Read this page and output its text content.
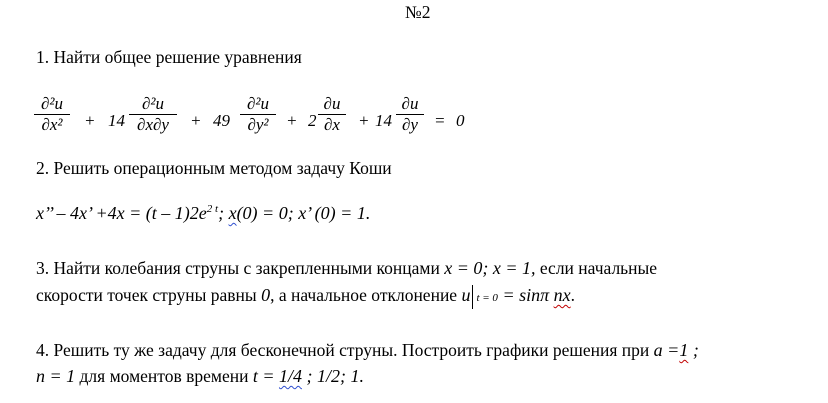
№2
1. Найти общее решение уравнения
∂²u
∂x²	+ 14
∂²u
∂x∂y	+ 49
∂²u
∂y²	+ 2
∂u
∂x	+ 14
∂u
∂y = 0
2. Решить операционным методом задачу Коши
x’’ – 4x’ $+4x = (t - 1)2e^{2 t}$; x(0) = 0; x’ (0) = 1.
3. Найти колебания струны с закрепленными концами x = 0; x = 1, если начальные
скорости точек струны равны 0, а начальное отклонение u t = 0 = sinπ nx.
4. Решить ту же задачу для бесконечной струны. Построить графики решения при a =1 ;
n = 1 для моментов времени t = 1/4 ; 1/2; 1.
